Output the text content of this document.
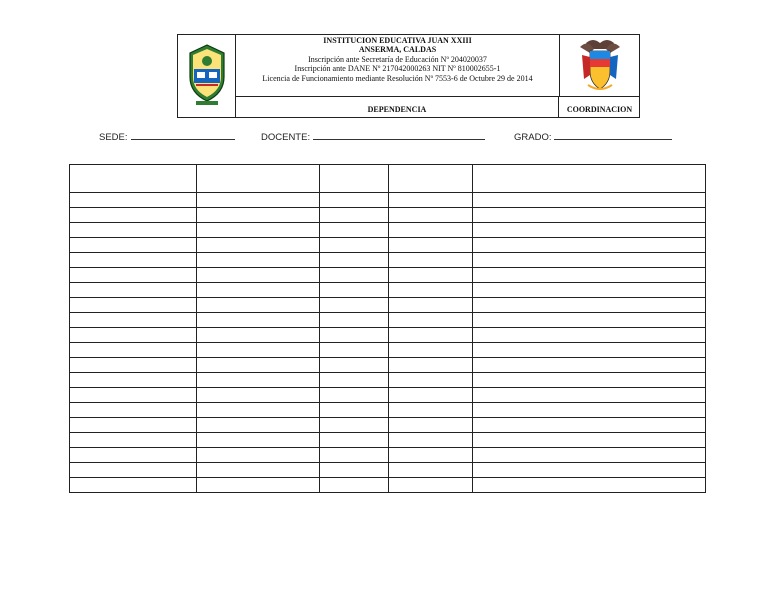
INSTITUCION EDUCATIVA JUAN XXIII
ANSERMA, CALDAS
Inscripción ante Secretaría de Educación Nº 204020037
Inscripción ante DANE Nº 217042000263 NIT Nº 810002655-1
Licencia de Funcionamiento mediante Resolución Nº 7553-6 de Octubre 29 de 2014
DEPENDENCIA	COORDINACION
SEDE:	DOCENTE:	GRADO:
